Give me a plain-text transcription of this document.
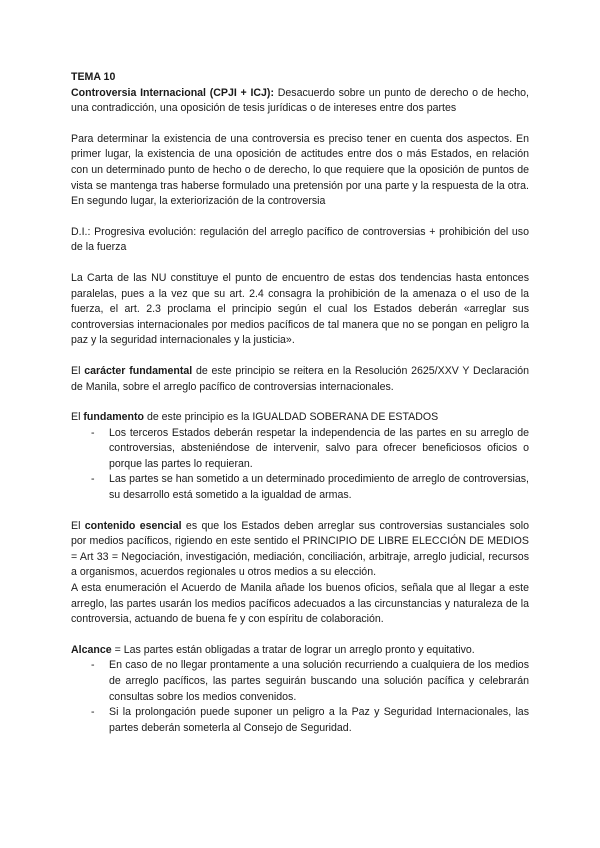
TEMA 10

Controversia Internacional (CPJI + ICJ): Desacuerdo sobre un punto de derecho o de hecho, una contradicción, una oposición de tesis jurídicas o de intereses entre dos partes

Para determinar la existencia de una controversia es preciso tener en cuenta dos aspectos. En primer lugar, la existencia de una oposición de actitudes entre dos o más Estados, en relación con un determinado punto de hecho o de derecho, lo que requiere que la oposición de puntos de vista se mantenga tras haberse formulado una pretensión por una parte y la respuesta de la otra. En segundo lugar, la exteriorización de la controversia

D.I.: Progresiva evolución: regulación del arreglo pacífico de controversias + prohibición del uso de la fuerza

La Carta de las NU constituye el punto de encuentro de estas dos tendencias hasta entonces paralelas, pues a la vez que su art. 2.4 consagra la prohibición de la amenaza o el uso de la fuerza, el art. 2.3 proclama el principio según el cual los Estados deberán «arreglar sus controversias internacionales por medios pacíficos de tal manera que no se pongan en peligro la paz y la seguridad internacionales y la justicia».

El carácter fundamental de este principio se reitera en la Resolución 2625/XXV Y Declaración de Manila, sobre el arreglo pacífico de controversias internacionales.

El fundamento de este principio es la IGUALDAD SOBERANA DE ESTADOS

- Los terceros Estados deberán respetar la independencia de las partes en su arreglo de controversias, absteniéndose de intervenir, salvo para ofrecer beneficiosos oficios o porque las partes lo requieran.
- Las partes se han sometido a un determinado procedimiento de arreglo de controversias, su desarrollo está sometido a la igualdad de armas.

El contenido esencial es que los Estados deben arreglar sus controversias sustanciales solo por medios pacíficos, rigiendo en este sentido el PRINCIPIO DE LIBRE ELECCIÓN DE MEDIOS = Art 33 = Negociación, investigación, mediación, conciliación, arbitraje, arreglo judicial, recursos a organismos, acuerdos regionales u otros medios a su elección.

A esta enumeración el Acuerdo de Manila añade los buenos oficios, señala que al llegar a este arreglo, las partes usarán los medios pacíficos adecuados a las circunstancias y naturaleza de la controversia, actuando de buena fe y con espíritu de colaboración.

Alcance = Las partes están obligadas a tratar de lograr un arreglo pronto y equitativo.

- En caso de no llegar prontamente a una solución recurriendo a cualquiera de los medios de arreglo pacíficos, las partes seguirán buscando una solución pacífica y celebrarán consultas sobre los medios convenidos.
- Si la prolongación puede suponer un peligro a la Paz y Seguridad Internacionales, las partes deberán someterla al Consejo de Seguridad.
